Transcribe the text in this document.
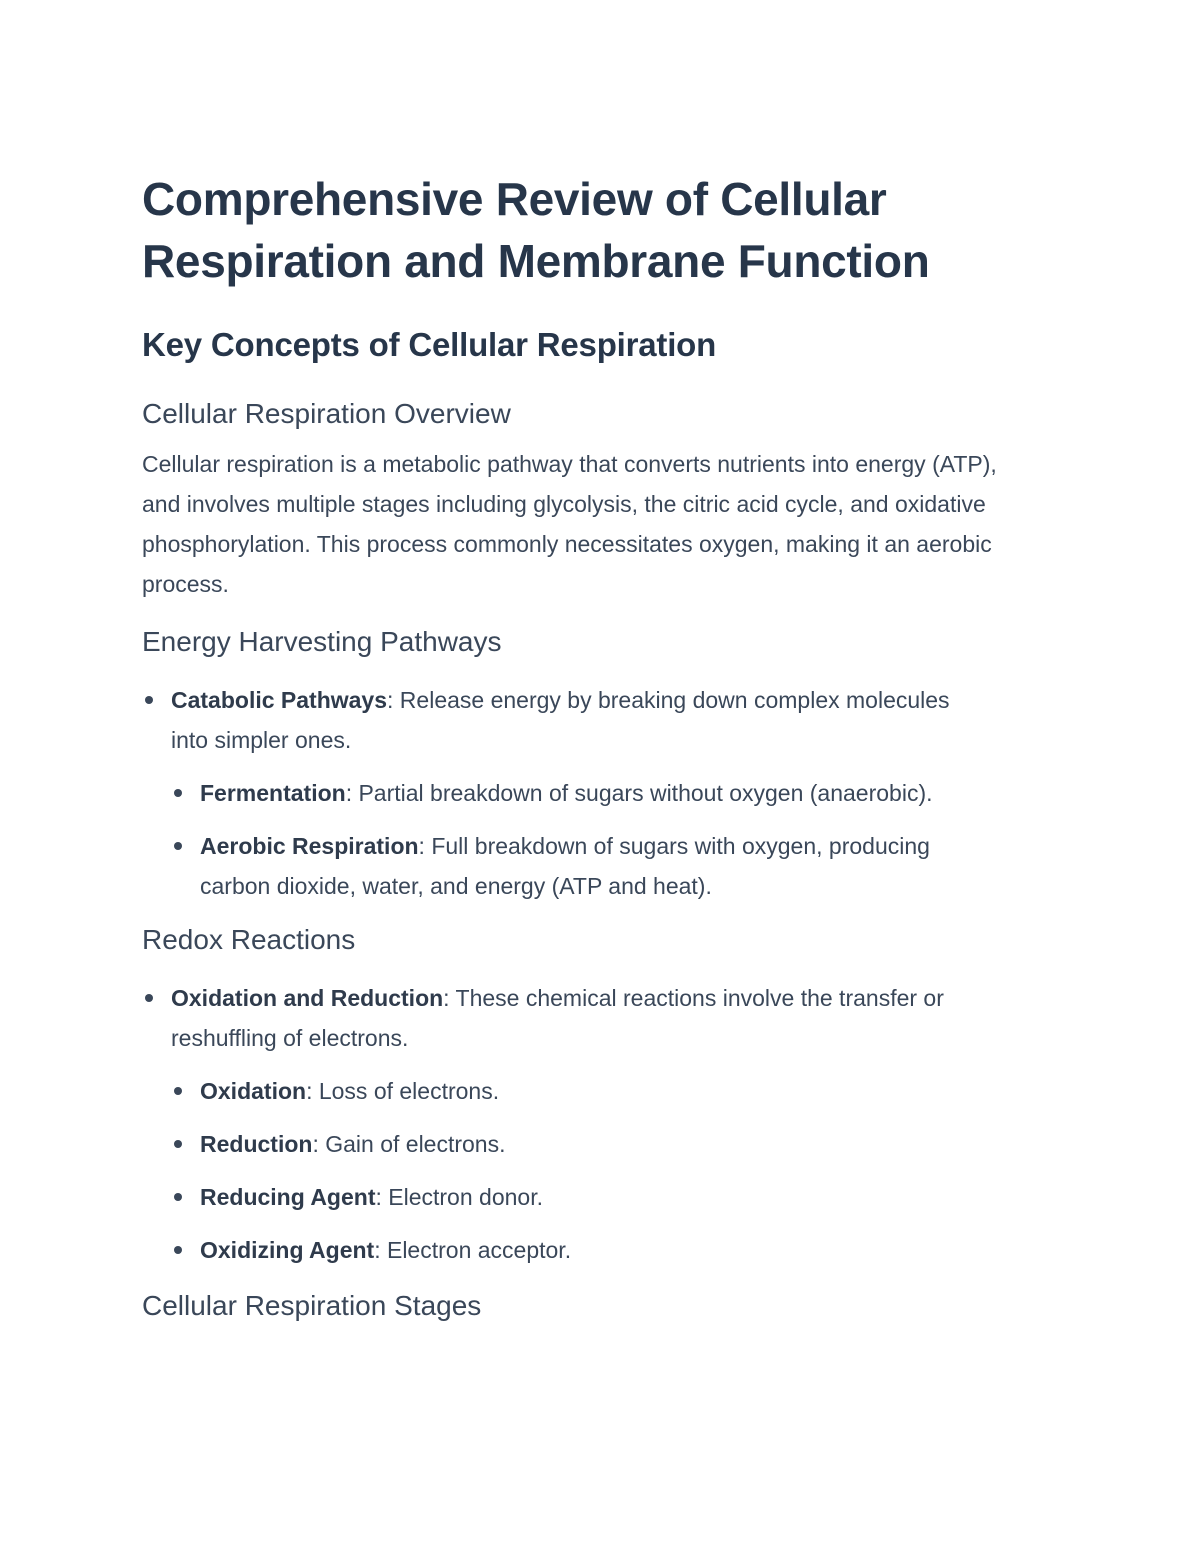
Comprehensive Review of Cellular Respiration and Membrane Function
Key Concepts of Cellular Respiration
Cellular Respiration Overview

Cellular respiration is a metabolic pathway that converts nutrients into energy (ATP), and involves multiple stages including glycolysis, the citric acid cycle, and oxidative phosphorylation. This process commonly necessitates oxygen, making it an aerobic process.

Energy Harvesting Pathways
Catabolic Pathways: Release energy by breaking down complex molecules into simpler ones.
Fermentation: Partial breakdown of sugars without oxygen (anaerobic).
Aerobic Respiration: Full breakdown of sugars with oxygen, producing carbon dioxide, water, and energy (ATP and heat).
Redox Reactions
Oxidation and Reduction: These chemical reactions involve the transfer or reshuffling of electrons.
Oxidation: Loss of electrons.
Reduction: Gain of electrons.
Reducing Agent: Electron donor.
Oxidizing Agent: Electron acceptor.
Cellular Respiration Stages
